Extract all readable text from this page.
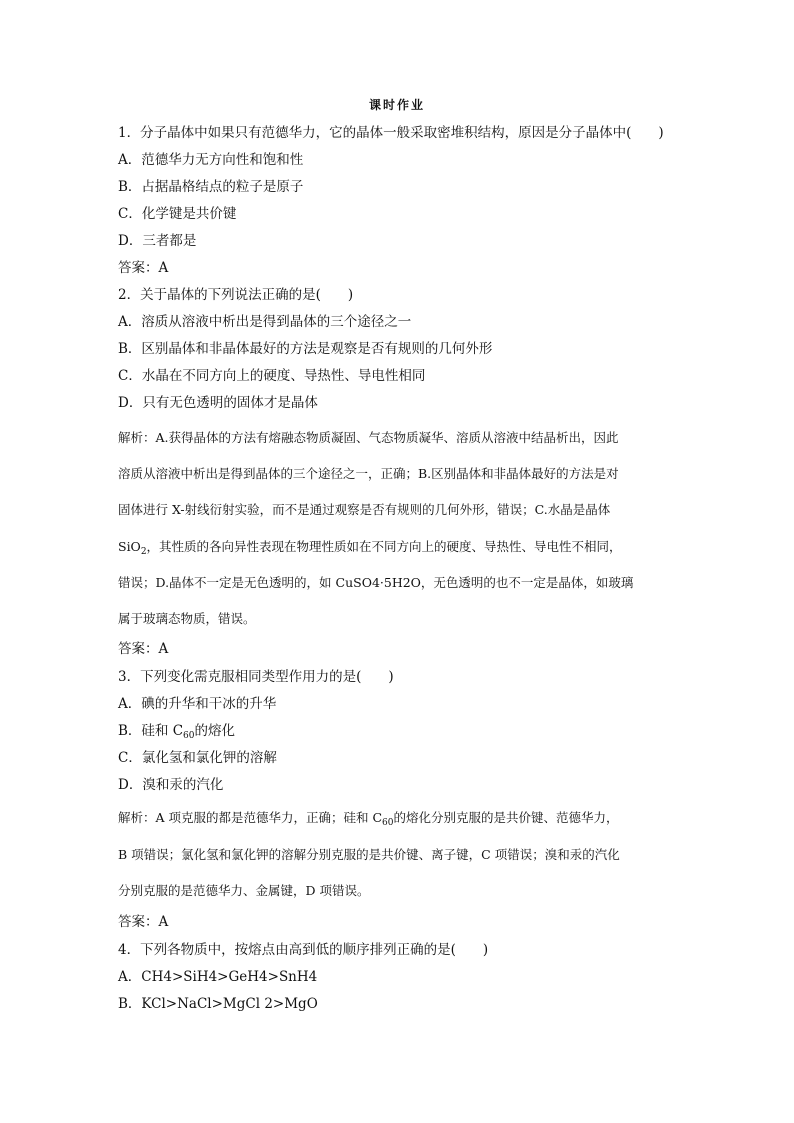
课时作业
1．分子晶体中如果只有范德华力，它的晶体一般采取密堆积结构，原因是分子晶体中(　　)
A．范德华力无方向性和饱和性
B．占据晶格结点的粒子是原子
C．化学键是共价键
D．三者都是
答案：A
2．关于晶体的下列说法正确的是(　　)
A．溶质从溶液中析出是得到晶体的三个途径之一
B．区别晶体和非晶体最好的方法是观察是否有规则的几何外形
C．水晶在不同方向上的硬度、导热性、导电性相同
D．只有无色透明的固体才是晶体
解析：A.获得晶体的方法有熔融态物质凝固、气态物质凝华、溶质从溶液中结晶析出，因此
溶质从溶液中析出是得到晶体的三个途径之一，正确；B.区别晶体和非晶体最好的方法是对
固体进行 X-射线衍射实验，而不是通过观察是否有规则的几何外形，错误；C.水晶是晶体
SiO$_2$，其性质的各向异性表现在物理性质如在不同方向上的硬度、导热性、导电性不相同，
错误；D.晶体不一定是无色透明的，如 CuSO4·5H2O，无色透明的也不一定是晶体，如玻璃
属于玻璃态物质，错误。
答案：A
3．下列变化需克服相同类型作用力的是(　　)
A．碘的升华和干冰的升华
B．硅和 $C_{60}$的熔化
C．氯化氢和氯化钾的溶解
D．溴和汞的汽化
解析：A 项克服的都是范德华力，正确；硅和 $C_{60}$的熔化分别克服的是共价键、范德华力，
B 项错误；氯化氢和氯化钾的溶解分别克服的是共价键、离子键，C 项错误；溴和汞的汽化
分别克服的是范德华力、金属键，D 项错误。
答案：A
4．下列各物质中，按熔点由高到低的顺序排列正确的是(　　)
A．CH4>SiH4>GeH4>SnH4
B．KCl>NaCl>MgCl 2>MgO
